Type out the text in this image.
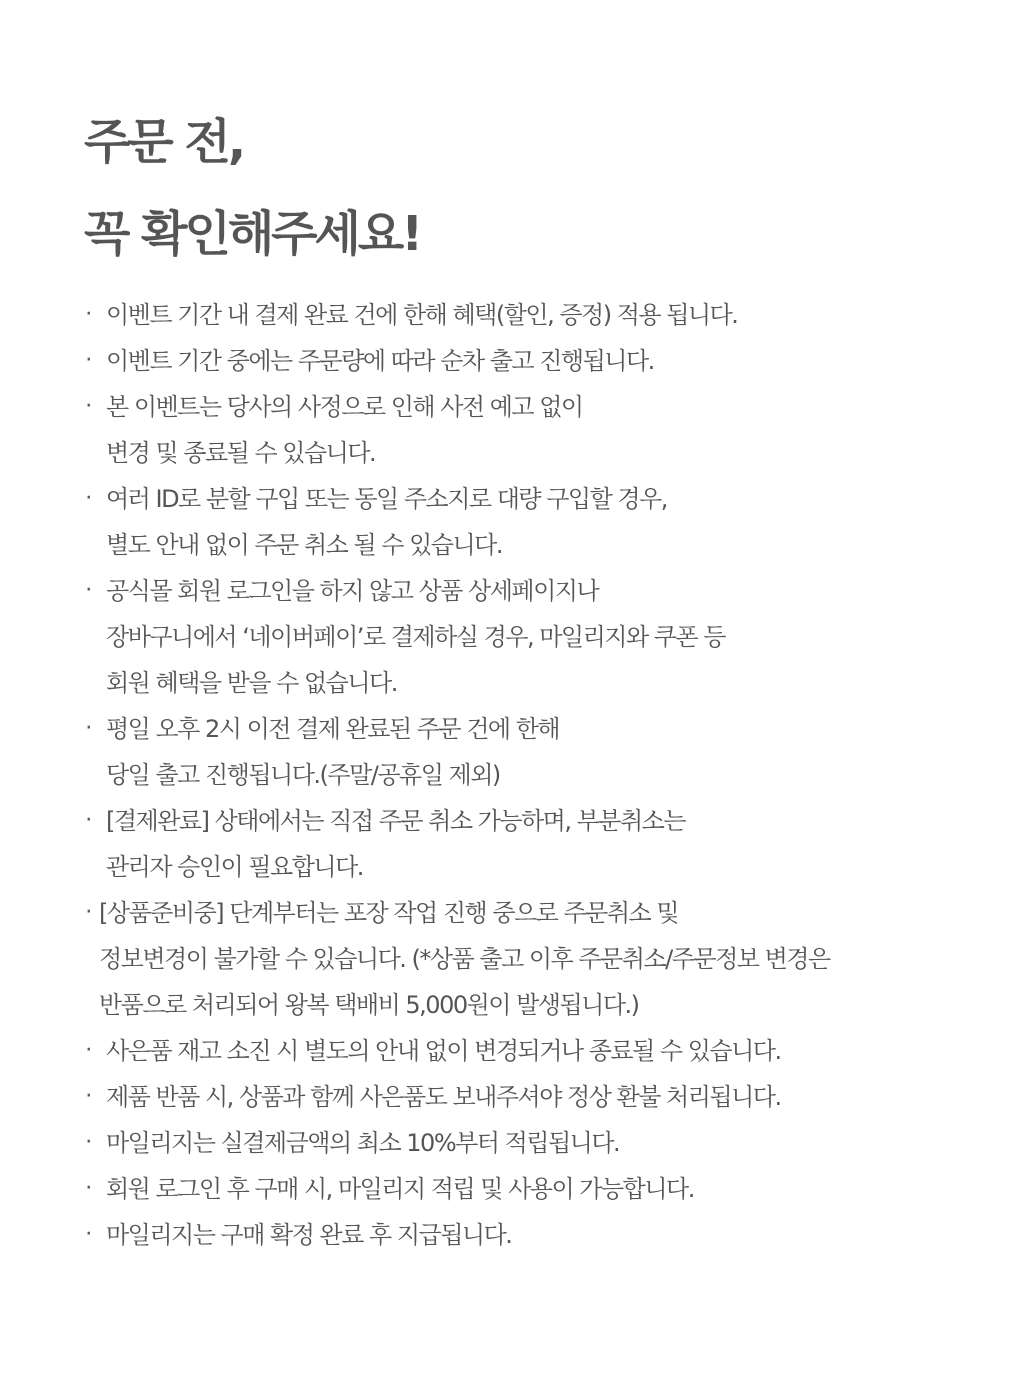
주문 전,
꼭 확인해주세요!
· 이벤트 기간 내 결제 완료 건에 한해 혜택(할인, 증정) 적용 됩니다.
· 이벤트 기간 중에는 주문량에 따라 순차 출고 진행됩니다.
· 본 이벤트는 당사의 사정으로 인해 사전 예고 없이
변경 및 종료될 수 있습니다.
· 여러 ID로 분할 구입 또는 동일 주소지로 대량 구입할 경우,
별도 안내 없이 주문 취소 될 수 있습니다.
· 공식몰 회원 로그인을 하지 않고 상품 상세페이지나
장바구니에서 ‘네이버페이’로 결제하실 경우, 마일리지와 쿠폰 등
회원 혜택을 받을 수 없습니다.
· 평일 오후 2시 이전 결제 완료된 주문 건에 한해
당일 출고 진행됩니다.(주말/공휴일 제외)
· [결제완료] 상태에서는 직접 주문 취소 가능하며, 부분취소는
관리자 승인이 필요합니다.
· [상품준비중] 단계부터는 포장 작업 진행 중으로 주문취소 및
정보변경이 불가할 수 있습니다. (*상품 출고 이후 주문취소/주문정보 변경은
반품으로 처리되어 왕복 택배비 5,000원이 발생됩니다.)
· 사은품 재고 소진 시 별도의 안내 없이 변경되거나 종료될 수 있습니다.
· 제품 반품 시, 상품과 함께 사은품도 보내주셔야 정상 환불 처리됩니다.
· 마일리지는 실결제금액의 최소 10%부터 적립됩니다.
· 회원 로그인 후 구매 시, 마일리지 적립 및 사용이 가능합니다.
· 마일리지는 구매 확정 완료 후 지급됩니다.
